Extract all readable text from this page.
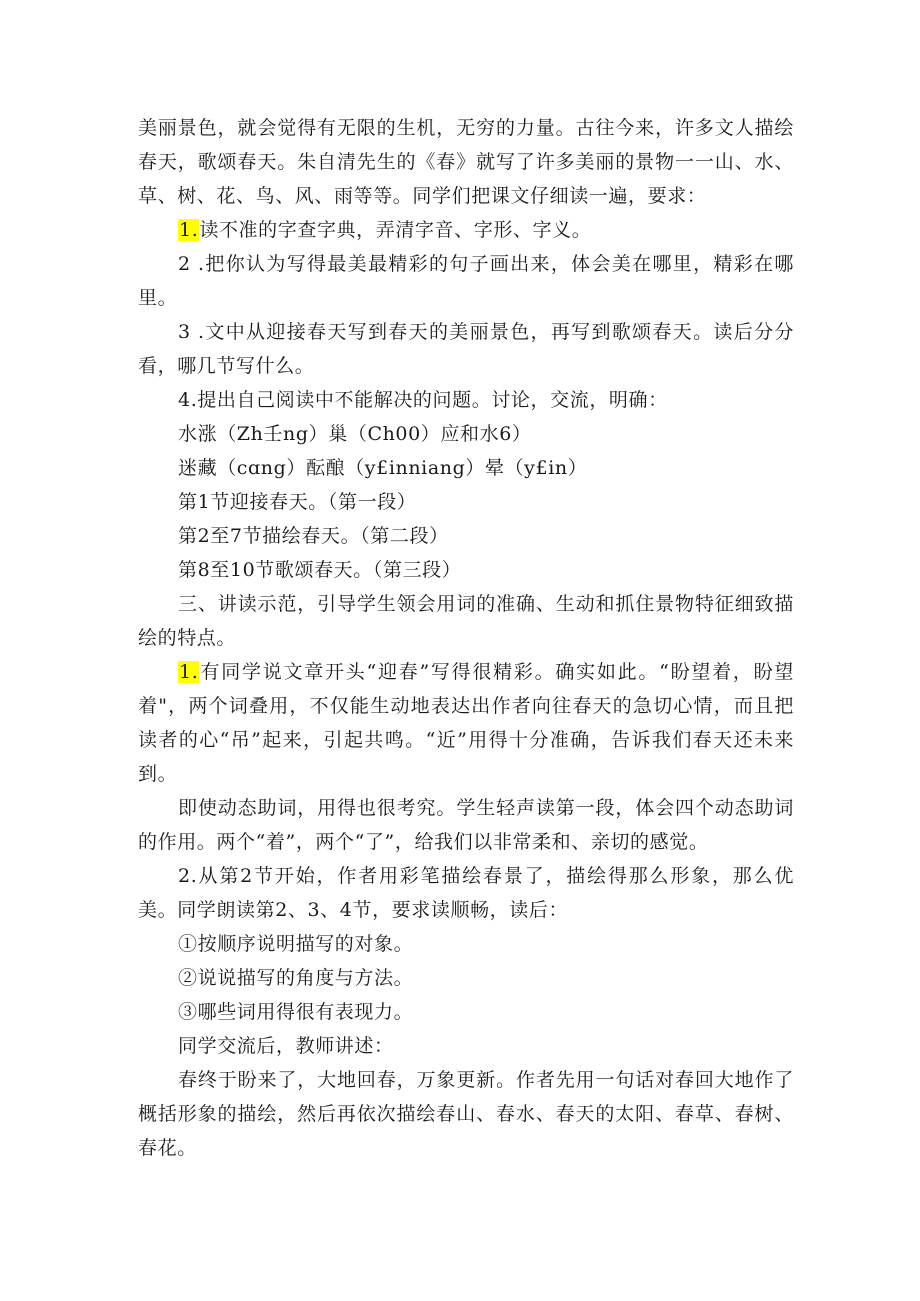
美丽景色，就会觉得有无限的生机，无穷的力量。古往今来，许多文人描绘春天，歌颂春天。朱自清先生的《春》就写了许多美丽的景物一一山、水、草、树、花、鸟、风、雨等等。同学们把课文仔细读一遍，要求：

1.读不准的字查字典，弄清字音、字形、字义。

2 .把你认为写得最美最精彩的句子画出来，体会美在哪里，精彩在哪里。

3 .文中从迎接春天写到春天的美丽景色，再写到歌颂春天。读后分分看，哪几节写什么。

4.提出自己阅读中不能解决的问题。讨论，交流，明确：

水涨（Zh壬ng）巢（Ch00）应和水6）

迷藏（cɑng）酝酿（y£inniang）晕（y£in）

第1节迎接春天。（第一段）

第2至7节描绘春天。（第二段）

第8至10节歌颂春天。（第三段）

三、讲读示范，引导学生领会用词的准确、生动和抓住景物特征细致描绘的特点。

1.有同学说文章开头“迎春”写得很精彩。确实如此。“盼望着，盼望着"，两个词叠用，不仅能生动地表达出作者向往春天的急切心情，而且把读者的心“吊”起来，引起共鸣。“近”用得十分准确，告诉我们春天还未来到。

即使动态助词，用得也很考究。学生轻声读第一段，体会四个动态助词的作用。两个“着”，两个“了”，给我们以非常柔和、亲切的感觉。

2.从第2节开始，作者用彩笔描绘春景了，描绘得那么形象，那么优美。同学朗读第2、3、4节，要求读顺畅，读后：

①按顺序说明描写的对象。

②说说描写的角度与方法。

③哪些词用得很有表现力。

同学交流后，教师讲述：

春终于盼来了，大地回春，万象更新。作者先用一句话对春回大地作了概括形象的描绘，然后再依次描绘春山、春水、春天的太阳、春草、春树、春花。
